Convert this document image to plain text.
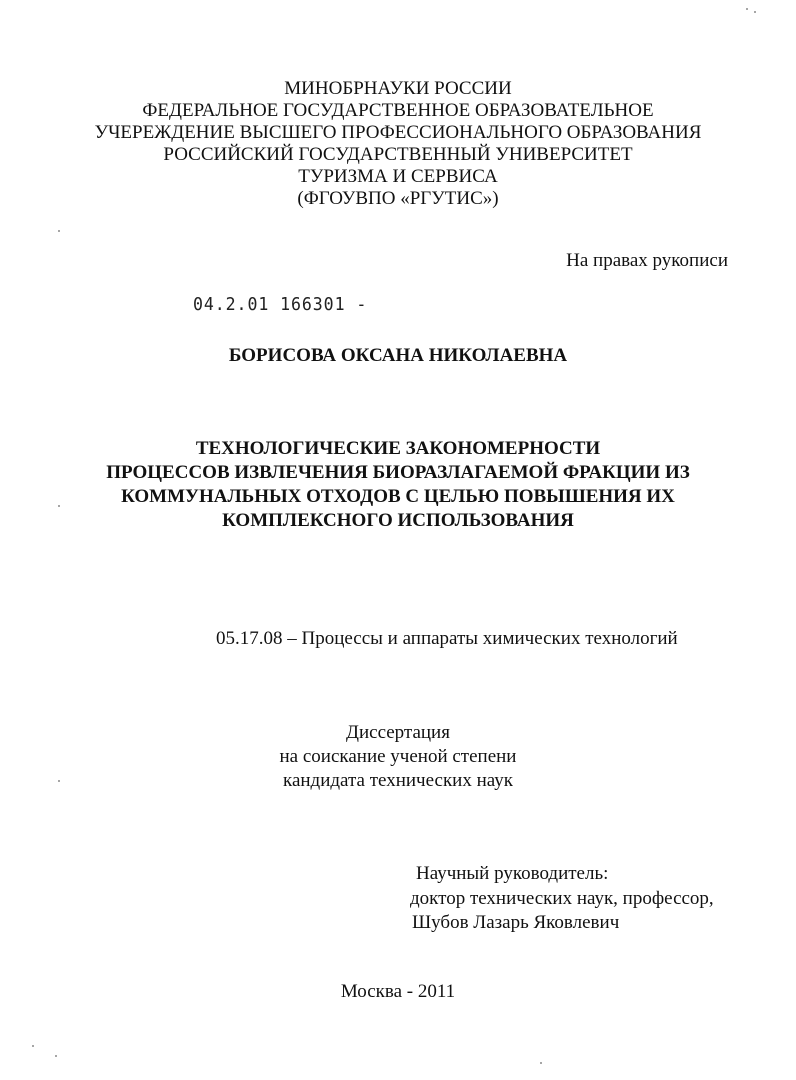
МИНОБРНАУКИ РОССИИ
ФЕДЕРАЛЬНОЕ ГОСУДАРСТВЕННОЕ ОБРАЗОВАТЕЛЬНОЕ
УЧЕРЕЖДЕНИЕ ВЫСШЕГО ПРОФЕССИОНАЛЬНОГО ОБРАЗОВАНИЯ
РОССИЙСКИЙ ГОСУДАРСТВЕННЫЙ УНИВЕРСИТЕТ
ТУРИЗМА И СЕРВИСА
(ФГОУВПО «РГУТИС»)
На правах рукописи
04.2.01 166301 -
БОРИСОВА ОКСАНА НИКОЛАЕВНА
ТЕХНОЛОГИЧЕСКИЕ ЗАКОНОМЕРНОСТИ
ПРОЦЕССОВ ИЗВЛЕЧЕНИЯ БИОРАЗЛАГАЕМОЙ ФРАКЦИИ ИЗ
КОММУНАЛЬНЫХ ОТХОДОВ С ЦЕЛЬЮ ПОВЫШЕНИЯ ИХ
КОМПЛЕКСНОГО ИСПОЛЬЗОВАНИЯ
05.17.08 – Процессы и аппараты химических технологий
Диссертация
на соискание ученой степени
кандидата технических наук
Научный руководитель:
доктор технических наук, профессор,
Шубов Лазарь Яковлевич
Москва - 2011
